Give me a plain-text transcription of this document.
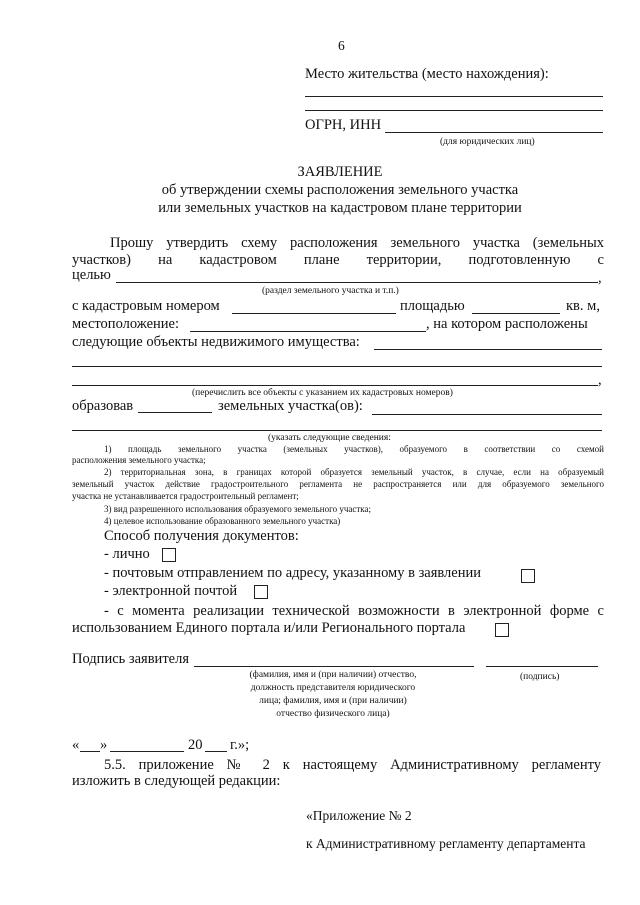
6
Место жительства (место нахождения):
ОГРН, ИНН
(для юридических лиц)
ЗАЯВЛЕНИЕ
об утверждении схемы расположения земельного участка
или земельных участков на кадастровом плане территории
Прошу утвердить схему расположения земельного участка (земельных
участков) на кадастровом плане территории, подготовленную с
целью	,
(раздел земельного участка и т.п.)
с кадастровым номером	площадью	кв. м,
местоположение:	, на котором расположены
следующие объекты недвижимого имущества:
,
(перечислить все объекты с указанием их кадастровых номеров)
образовав	земельных участка(ов):
(указать следующие сведения:
1) площадь земельного участка (земельных участков), образуемого в соответствии со схемой
расположения земельного участка;
2) территориальная зона, в границах которой образуется земельный участок, в случае, если на образуемый
земельный участок действие градостроительного регламента не распространяется или для образуемого земельного
участка не устанавливается градостроительный регламент;
3) вид разрешенного использования образуемого земельного участка;
4) целевое использование образованного земельного участка)
Способ получения документов:
- лично
- почтовым отправлением по адресу, указанному в заявлении
- электронной почтой
- с момента реализации технической возможности в электронной форме с
использованием Единого портала и/или Регионального портала
Подпись заявителя
(фамилия, имя и (при наличии) отчество,
должность представителя юридического
лица; фамилия, имя и (при наличии)
отчество физического лица)
(подпись)
« »	20 г.»;
5.5. приложение № 2 к настоящему Административному регламенту
изложить в следующей редакции:
«Приложение № 2
к Административному регламенту департамента
